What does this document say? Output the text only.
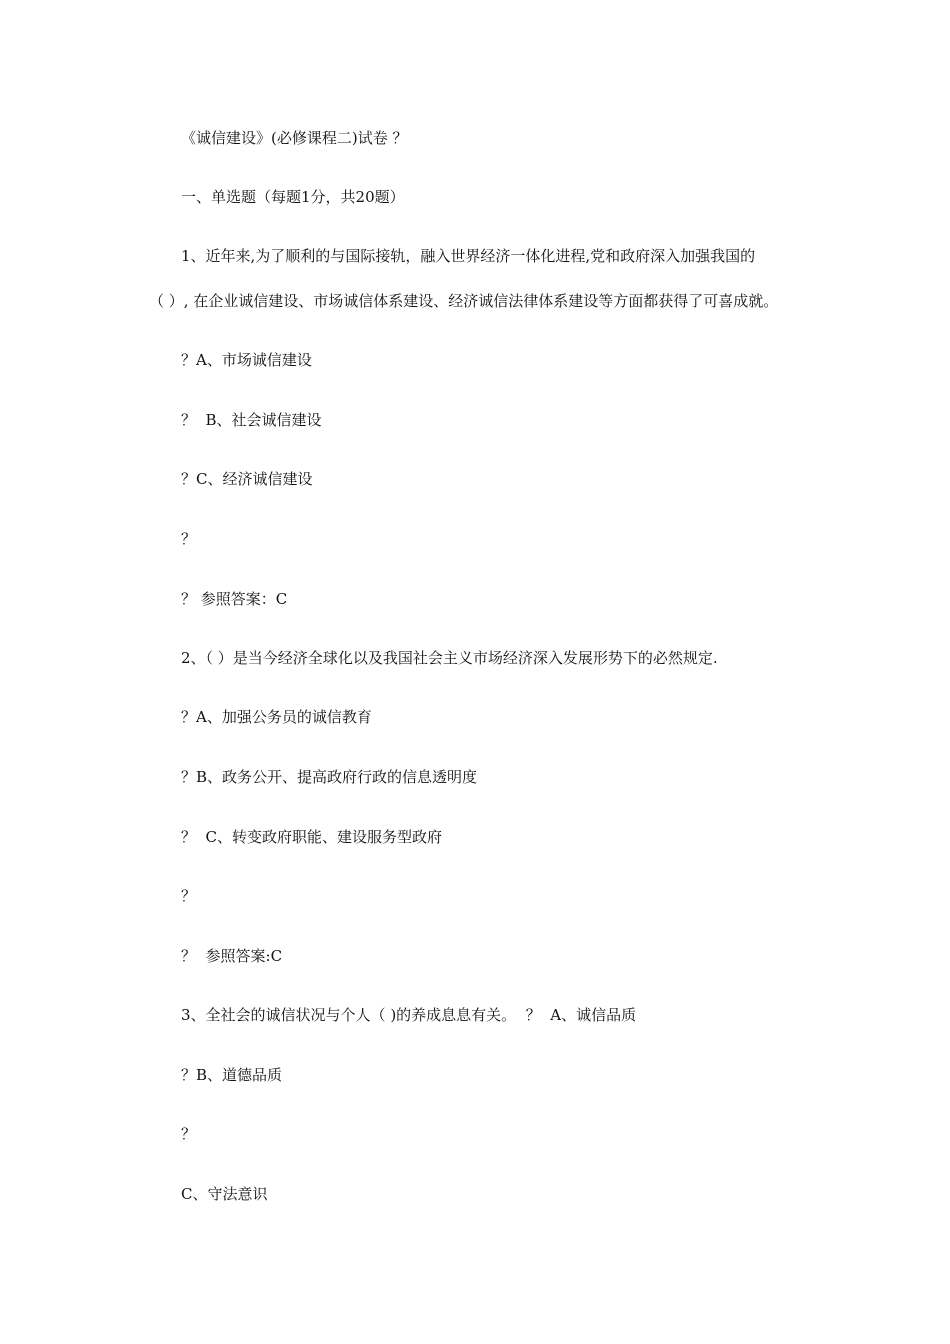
《诚信建设》(必修课程二)试卷 ？
一、单选题（每题1分，共20题）
1、近年来,为了顺利的与国际接轨，融入世界经济一体化进程,党和政府深入加强我国的
（ ）, 在企业诚信建设、市场诚信体系建设、经济诚信法律体系建设等方面都获得了可喜成就。
？A、市场诚信建设
？  B、社会诚信建设
？C、经济诚信建设
？
？ 参照答案：C
2、（ ）是当今经济全球化以及我国社会主义市场经济深入发展形势下的必然规定.
？A、加强公务员的诚信教育
？B、政务公开、提高政府行政的信息透明度
？  C、转变政府职能、建设服务型政府
？
？  参照答案:C
3、全社会的诚信状况与个人（ )的养成息息有关。  ？  A、诚信品质
？B、道德品质
？
C、守法意识
